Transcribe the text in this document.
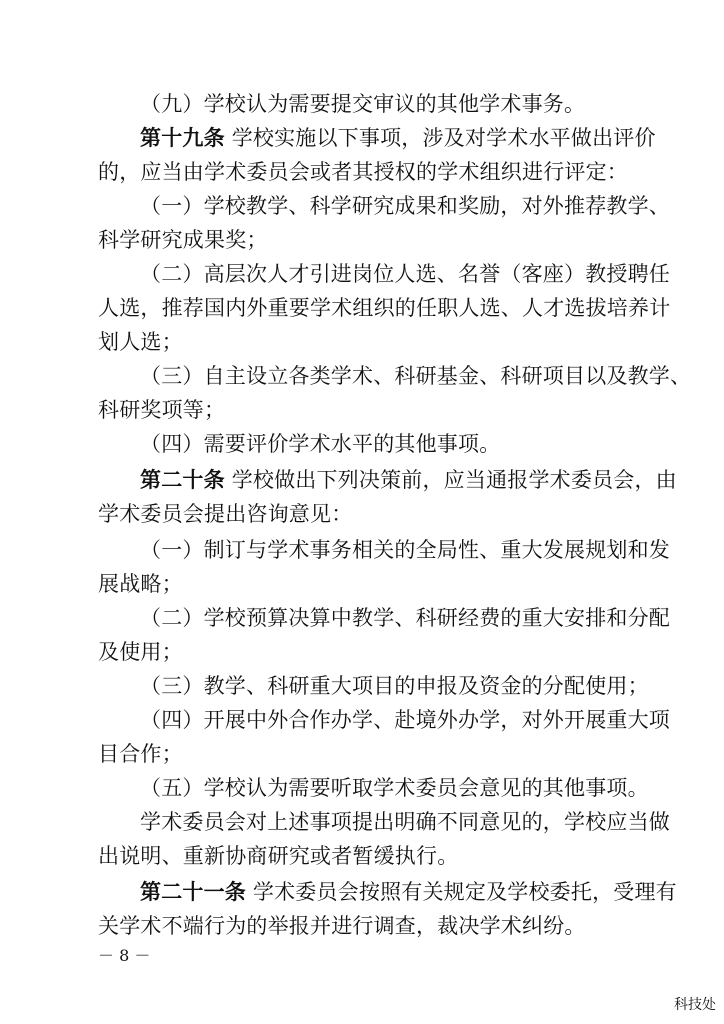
（九）学校认为需要提交审议的其他学术事务。
第十九条 学校实施以下事项，涉及对学术水平做出评价
的，应当由学术委员会或者其授权的学术组织进行评定：
（一）学校教学、科学研究成果和奖励，对外推荐教学、
科学研究成果奖；
（二）高层次人才引进岗位人选、名誉（客座）教授聘任
人选，推荐国内外重要学术组织的任职人选、人才选拔培养计
划人选；
（三）自主设立各类学术、科研基金、科研项目以及教学、
科研奖项等；
（四）需要评价学术水平的其他事项。
第二十条 学校做出下列决策前，应当通报学术委员会，由
学术委员会提出咨询意见：
（一）制订与学术事务相关的全局性、重大发展规划和发
展战略；
（二）学校预算决算中教学、科研经费的重大安排和分配
及使用；
（三）教学、科研重大项目的申报及资金的分配使用；
（四）开展中外合作办学、赴境外办学，对外开展重大项
目合作；
（五）学校认为需要听取学术委员会意见的其他事项。
学术委员会对上述事项提出明确不同意见的，学校应当做
出说明、重新协商研究或者暂缓执行。
第二十一条 学术委员会按照有关规定及学校委托，受理有
关学术不端行为的举报并进行调查，裁决学术纠纷。
－ 8 －
科技处
